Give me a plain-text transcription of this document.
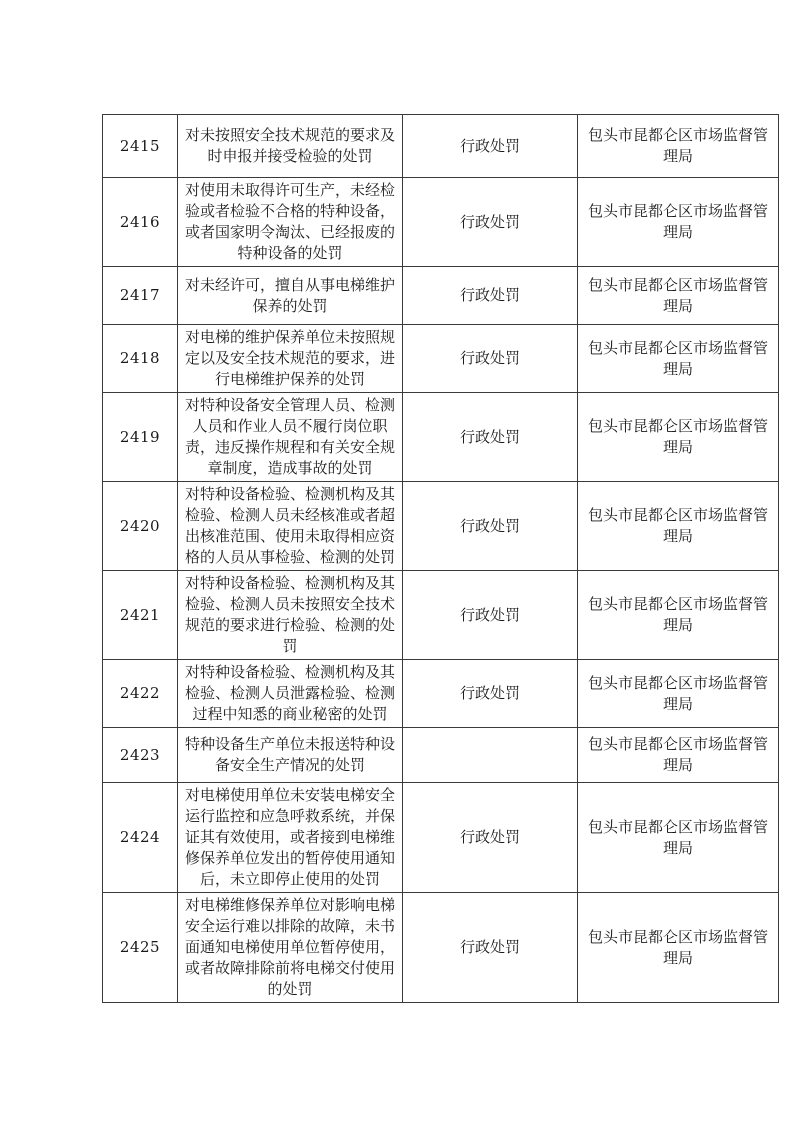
2415	对未按照安全技术规范的要求及时申报并接受检验的处罚	行政处罚	包头市昆都仑区市场监督管理局
2416	对使用未取得许可生产，未经检验或者检验不合格的特种设备，或者国家明令淘汰、已经报废的特种设备的处罚	行政处罚	包头市昆都仑区市场监督管理局
2417	对未经许可，擅自从事电梯维护保养的处罚	行政处罚	包头市昆都仑区市场监督管理局
2418	对电梯的维护保养单位未按照规定以及安全技术规范的要求，进行电梯维护保养的处罚	行政处罚	包头市昆都仑区市场监督管理局
2419	对特种设备安全管理人员、检测人员和作业人员不履行岗位职责，违反操作规程和有关安全规章制度，造成事故的处罚	行政处罚	包头市昆都仑区市场监督管理局
2420	对特种设备检验、检测机构及其检验、检测人员未经核准或者超出核准范围、使用未取得相应资格的人员从事检验、检测的处罚	行政处罚	包头市昆都仑区市场监督管理局
2421	对特种设备检验、检测机构及其检验、检测人员未按照安全技术规范的要求进行检验、检测的处罚	行政处罚	包头市昆都仑区市场监督管理局
2422	对特种设备检验、检测机构及其检验、检测人员泄露检验、检测过程中知悉的商业秘密的处罚	行政处罚	包头市昆都仑区市场监督管理局
2423	特种设备生产单位未报送特种设备安全生产情况的处罚		包头市昆都仑区市场监督管理局
2424	对电梯使用单位未安装电梯安全运行监控和应急呼救系统，并保证其有效使用，或者接到电梯维修保养单位发出的暂停使用通知后，未立即停止使用的处罚	行政处罚	包头市昆都仑区市场监督管理局
2425	对电梯维修保养单位对影响电梯安全运行难以排除的故障，未书面通知电梯使用单位暂停使用，或者故障排除前将电梯交付使用的处罚	行政处罚	包头市昆都仑区市场监督管理局
